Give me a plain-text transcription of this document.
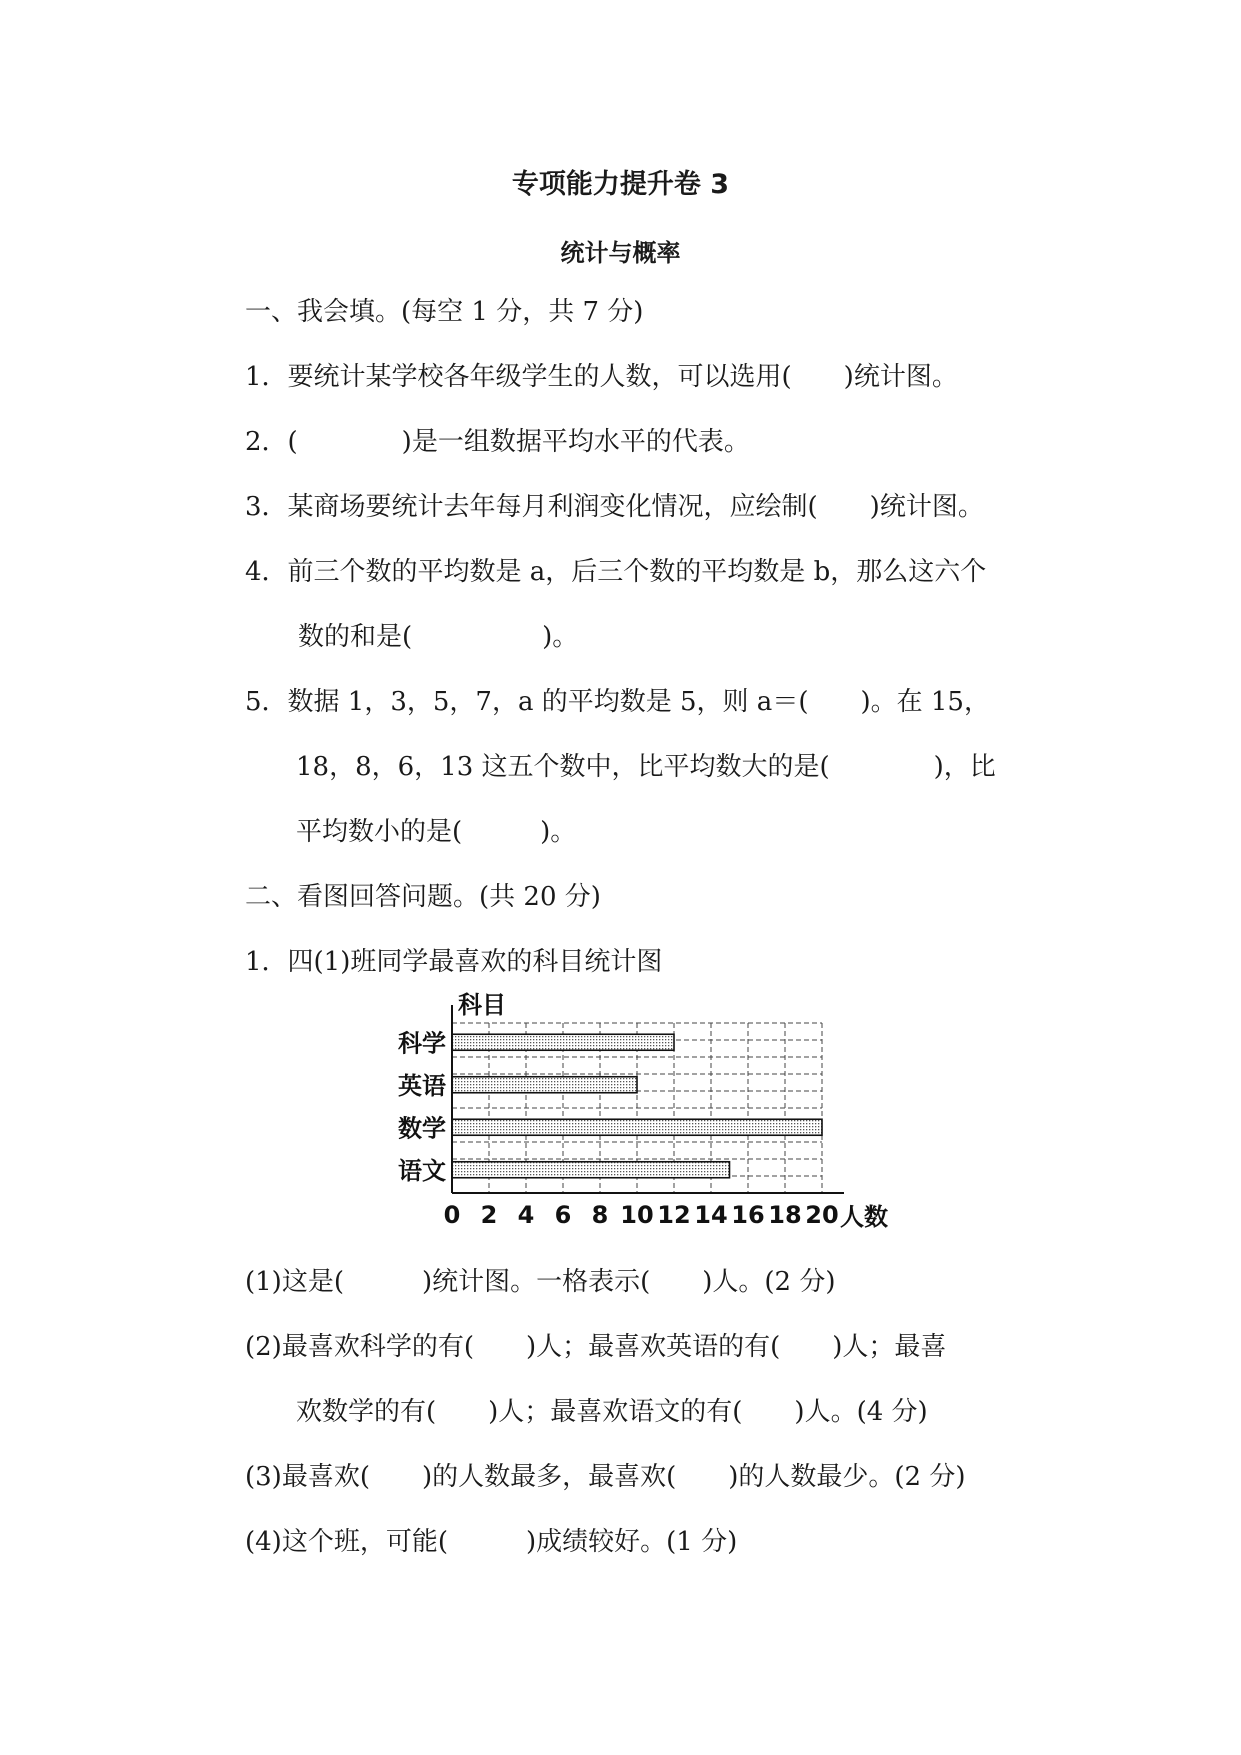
专项能力提升卷 3
统计与概率
一、我会填。(每空 1 分，共 7 分)
1．要统计某学校各年级学生的人数，可以选用(　　)统计图。
2．(　　　　)是一组数据平均水平的代表。
3．某商场要统计去年每月利润变化情况，应绘制(　　)统计图。
4．前三个数的平均数是 a，后三个数的平均数是 b，那么这六个
数的和是(　　　　　)。
5．数据 1，3，5，7，a 的平均数是 5，则 a＝(　　)。在 15，
18，8，6，13 这五个数中，比平均数大的是(　　　　)，比
平均数小的是(　　　)。
二、看图回答问题。(共 20 分)
1．四(1)班同学最喜欢的科目统计图
科学
英语
数学
语文
科目
0 2 4 6 8 10 12 14 16 18 20 人数
(1)这是(　　　)统计图。一格表示(　　)人。(2 分)
(2)最喜欢科学的有(　　)人；最喜欢英语的有(　　)人；最喜
欢数学的有(　　)人；最喜欢语文的有(　　)人。(4 分)
(3)最喜欢(　　)的人数最多，最喜欢(　　)的人数最少。(2 分)
(4)这个班，可能(　　　)成绩较好。(1 分)
